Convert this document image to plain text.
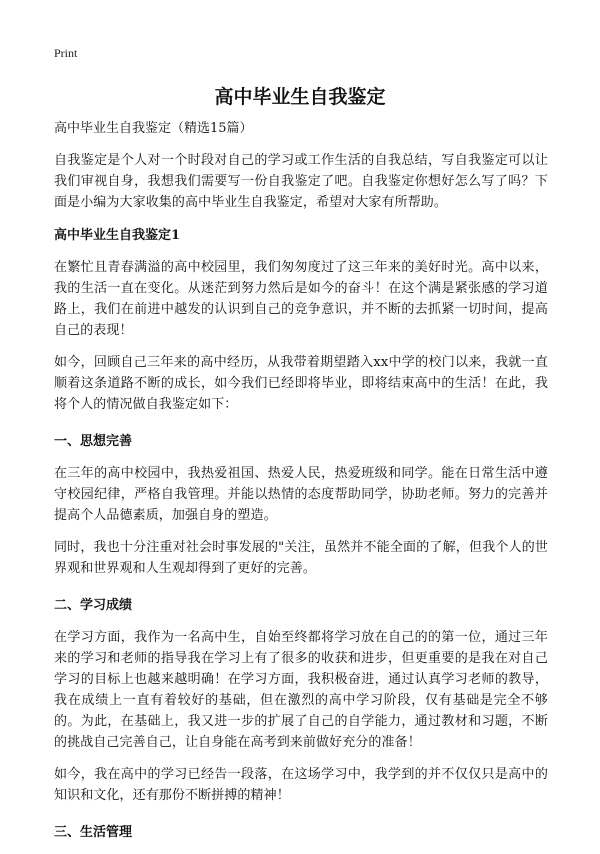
Print
高中毕业生自我鉴定
高中毕业生自我鉴定（精选15篇）

自我鉴定是个人对一个时段对自己的学习或工作生活的自我总结，写自我鉴定可以让我们审视自身，我想我们需要写一份自我鉴定了吧。自我鉴定你想好怎么写了吗？下面是小编为大家收集的高中毕业生自我鉴定，希望对大家有所帮助。

高中毕业生自我鉴定1

在繁忙且青春满溢的高中校园里，我们匆匆度过了这三年来的美好时光。高中以来，我的生活一直在变化。从迷茫到努力然后是如今的奋斗！在这个满是紧张感的学习道路上，我们在前进中越发的认识到自己的竞争意识，并不断的去抓紧一切时间，提高自己的表现！

如今，回顾自己三年来的高中经历，从我带着期望踏入xx中学的校门以来，我就一直顺着这条道路不断的成长，如今我们已经即将毕业，即将结束高中的生活！在此，我将个人的情况做自我鉴定如下：

一、思想完善

在三年的高中校园中，我热爱祖国、热爱人民，热爱班级和同学。能在日常生活中遵守校园纪律，严格自我管理。并能以热情的态度帮助同学，协助老师。努力的完善并提高个人品德素质，加强自身的塑造。

同时，我也十分注重对社会时事发展的"关注，虽然并不能全面的了解，但我个人的世界观和世界观和人生观却得到了更好的完善。

二、学习成绩

在学习方面，我作为一名高中生，自始至终都将学习放在自己的的第一位，通过三年来的学习和老师的指导我在学习上有了很多的收获和进步，但更重要的是我在对自己学习的目标上也越来越明确！在学习方面，我积极奋进，通过认真学习老师的教导，我在成绩上一直有着较好的基础，但在激烈的高中学习阶段，仅有基础是完全不够的。为此，在基础上，我又进一步的扩展了自己的自学能力，通过教材和习题，不断的挑战自己完善自己，让自身能在高考到来前做好充分的准备！

如今，我在高中的学习已经告一段落，在这场学习中，我学到的并不仅仅只是高中的知识和文化，还有那份不断拼搏的精神！

三、生活管理
